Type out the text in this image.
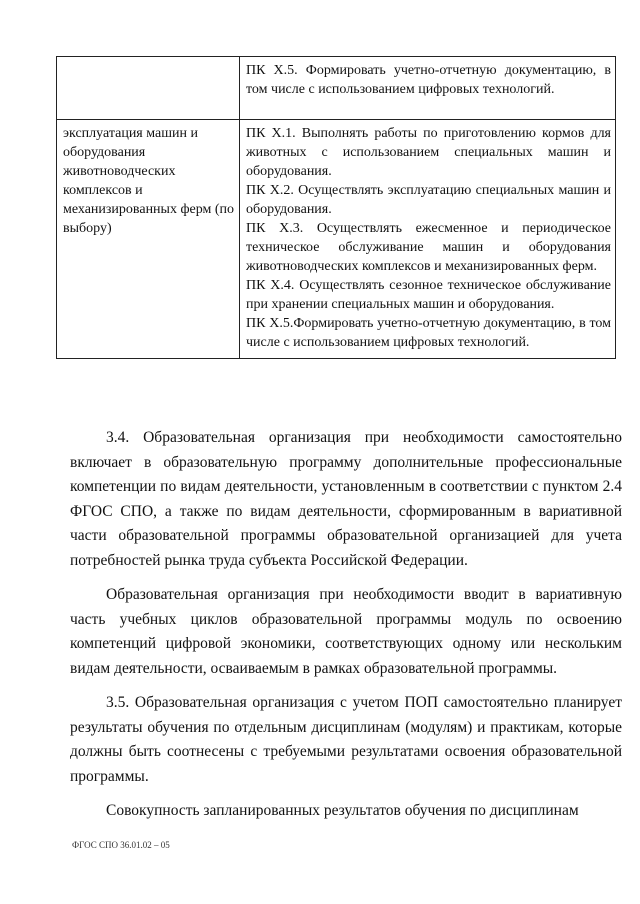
	ПК Х.5. Формировать учетно-отчетную документацию, в том числе с использованием цифровых технологий.

эксплуатация машин и оборудования животноводческих комплексов и механизированных ферм (по выбору)	ПК Х.1. Выполнять работы по приготовлению кормов для животных с использованием специальных машин и оборудования.

ПК Х.2. Осуществлять эксплуатацию специальных машин и оборудования.

ПК Х.3. Осуществлять ежесменное и периодическое техническое обслуживание машин и оборудования животноводческих комплексов и механизированных ферм.

ПК Х.4. Осуществлять сезонное техническое обслуживание при хранении специальных машин и оборудования.

ПК Х.5.Формировать учетно-отчетную документацию, в том числе с использованием цифровых технологий.

3.4. Образовательная организация при необходимости самостоятельно включает в образовательную программу дополнительные профессиональные компетенции по видам деятельности, установленным в соответствии с пунктом 2.4 ФГОС СПО, а также по видам деятельности, сформированным в вариативной части образовательной программы образовательной организацией для учета потребностей рынка труда субъекта Российской Федерации.

Образовательная организация при необходимости вводит в вариативную часть учебных циклов образовательной программы модуль по освоению компетенций цифровой экономики, соответствующих одному или нескольким видам деятельности, осваиваемым в рамках образовательной программы.

3.5. Образовательная организация с учетом ПОП самостоятельно планирует результаты обучения по отдельным дисциплинам (модулям) и практикам, которые должны быть соотнесены с требуемыми результатами освоения образовательной программы.

Совокупность запланированных результатов обучения по дисциплинам

ФГОС СПО 36.01.02 – 05
